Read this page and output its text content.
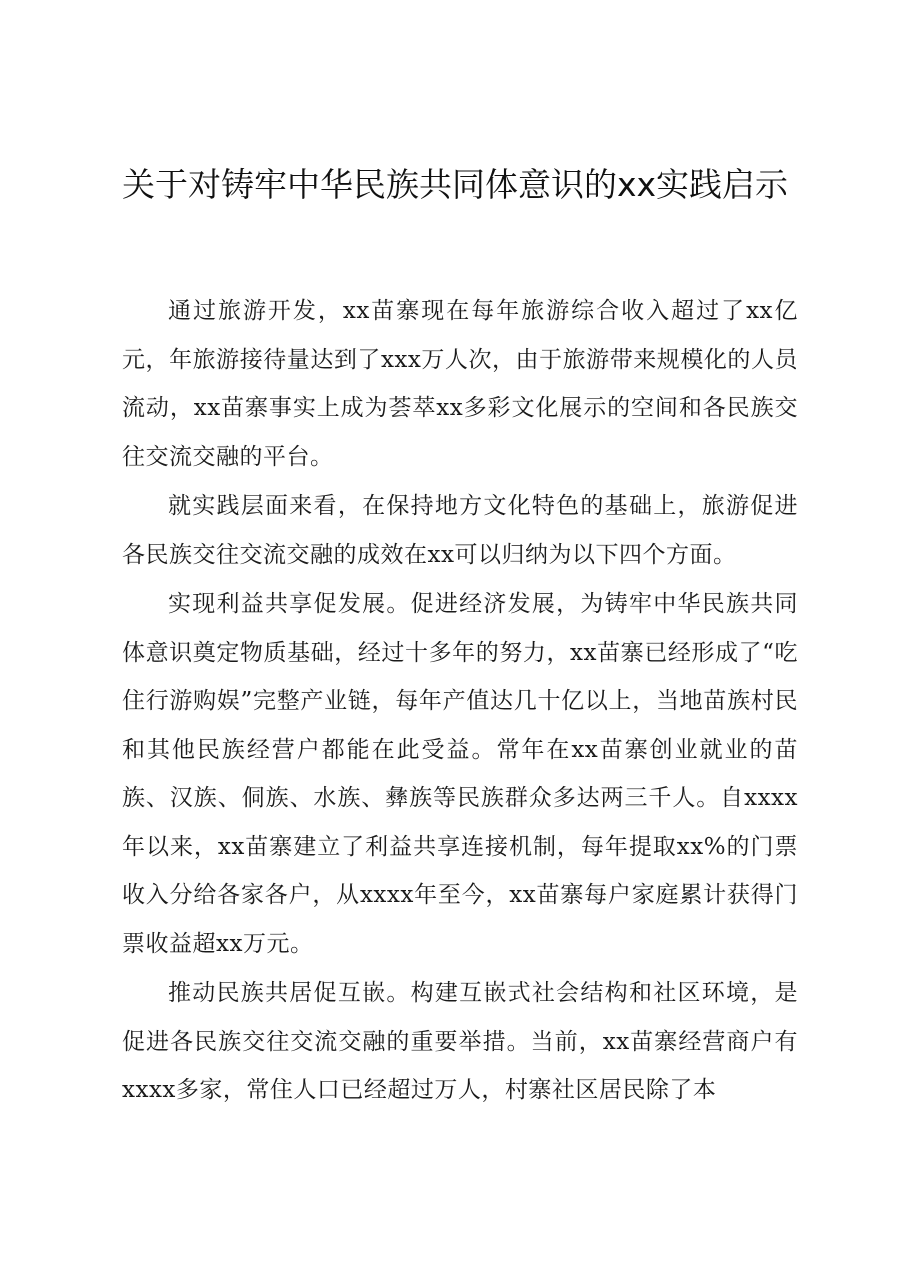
关于对铸牢中华民族共同体意识的xx实践启示

通过旅游开发，xx苗寨现在每年旅游综合收入超过了xx亿元，年旅游接待量达到了xxx万人次，由于旅游带来规模化的人员流动，xx苗寨事实上成为荟萃xx多彩文化展示的空间和各民族交往交流交融的平台。

就实践层面来看，在保持地方文化特色的基础上，旅游促进各民族交往交流交融的成效在xx可以归纳为以下四个方面。

实现利益共享促发展。促进经济发展，为铸牢中华民族共同体意识奠定物质基础，经过十多年的努力，xx苗寨已经形成了“吃住行游购娱”完整产业链，每年产值达几十亿以上，当地苗族村民和其他民族经营户都能在此受益。常年在xx苗寨创业就业的苗族、汉族、侗族、水族、彝族等民族群众多达两三千人。自xxxx年以来，xx苗寨建立了利益共享连接机制，每年提取xx%的门票收入分给各家各户，从xxxx年至今，xx苗寨每户家庭累计获得门票收益超xx万元。

推动民族共居促互嵌。构建互嵌式社会结构和社区环境，是促进各民族交往交流交融的重要举措。当前，xx苗寨经营商户有xxxx多家，常住人口已经超过万人，村寨社区居民除了本
